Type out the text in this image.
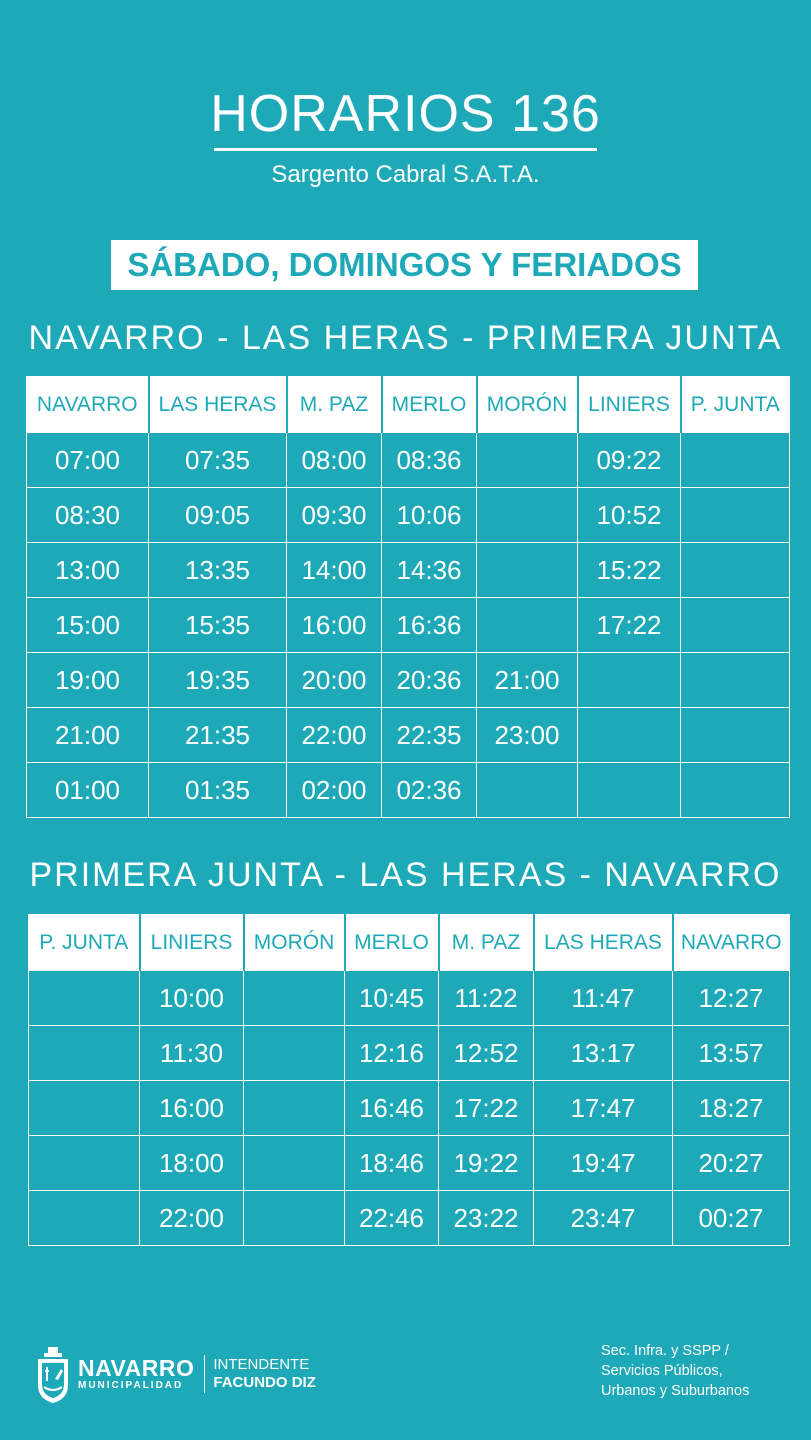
HORARIOS 136
Sargento Cabral S.A.T.A.
SÁBADO, DOMINGOS Y FERIADOS
NAVARRO - LAS HERAS - PRIMERA JUNTA
NAVARRO	LAS HERAS	M. PAZ	MERLO	MORÓN	LINIERS	P. JUNTA
07:00	07:35	08:00	08:36		09:22	
08:30	09:05	09:30	10:06		10:52	
13:00	13:35	14:00	14:36		15:22	
15:00	15:35	16:00	16:36		17:22	
19:00	19:35	20:00	20:36	21:00		
21:00	21:35	22:00	22:35	23:00		
01:00	01:35	02:00	02:36			
PRIMERA JUNTA - LAS HERAS - NAVARRO
P. JUNTA	LINIERS	MORÓN	MERLO	M. PAZ	LAS HERAS	NAVARRO
	10:00		10:45	11:22	11:47	12:27
	11:30		12:16	12:52	13:17	13:57
	16:00		16:46	17:22	17:47	18:27
	18:00		18:46	19:22	19:47	20:27
	22:00		22:46	23:22	23:47	00:27
NAVARRO
MUNICIPALIDAD
INTENDENTE
FACUNDO DIZ
Sec. Infra. y SSPP /
Servicios Públicos,
Urbanos y Suburbanos
